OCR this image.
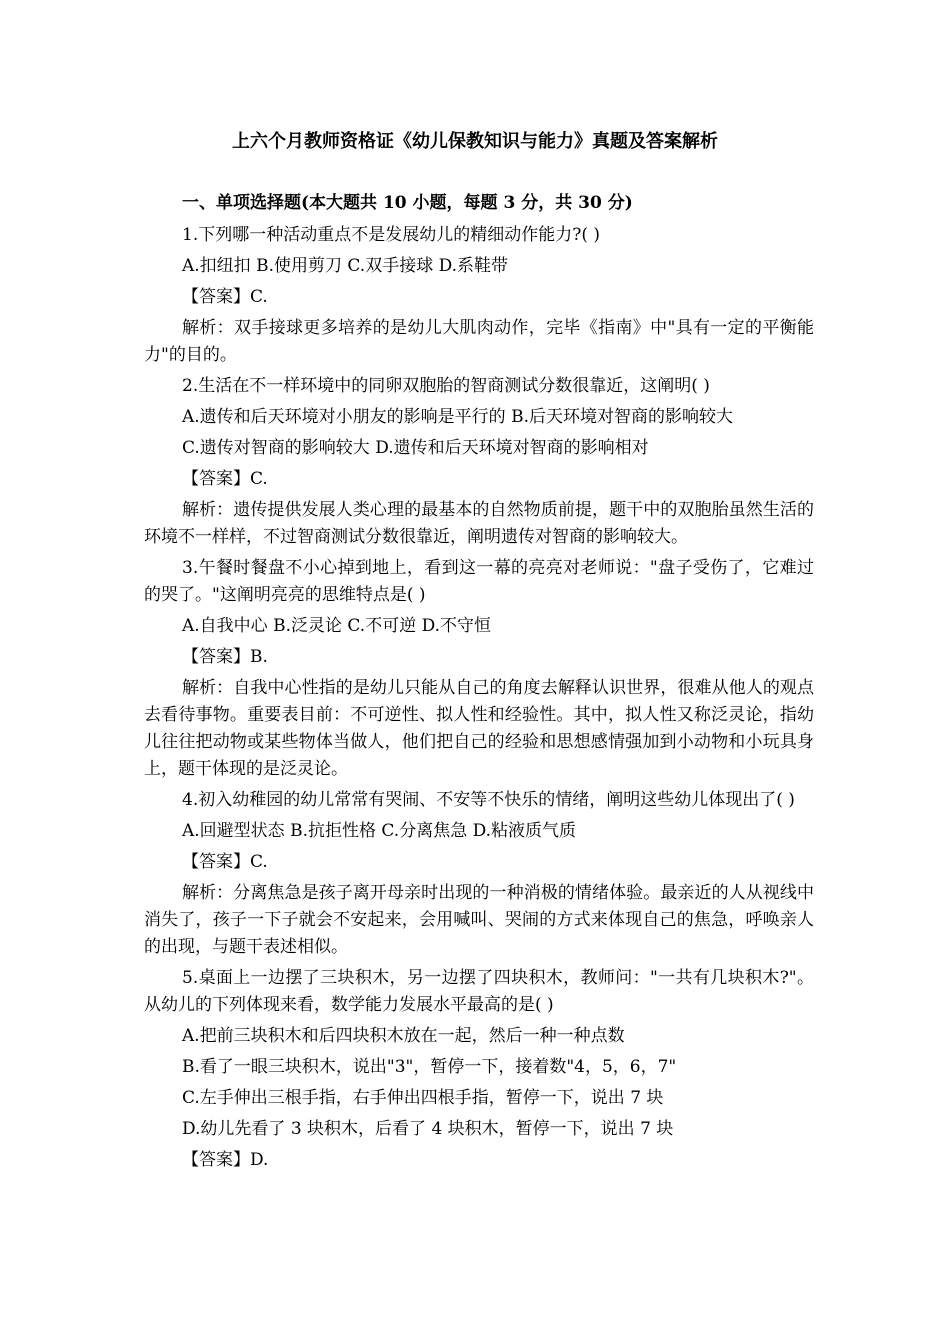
上六个月教师资格证《幼儿保教知识与能力》真题及答案解析

一、单项选择题(本大题共 10 小题，每题 3 分，共 30 分)

1.下列哪一种活动重点不是发展幼儿的精细动作能力?( )

A.扣纽扣 B.使用剪刀 C.双手接球 D.系鞋带

【答案】C.

解析：双手接球更多培养的是幼儿大肌肉动作，完毕《指南》中"具有一定的平衡能力"的目的。

2.生活在不一样环境中的同卵双胞胎的智商测试分数很靠近，这阐明( )

A.遗传和后天环境对小朋友的影响是平行的 B.后天环境对智商的影响较大

C.遗传对智商的影响较大 D.遗传和后天环境对智商的影响相对

【答案】C.

解析：遗传提供发展人类心理的最基本的自然物质前提，题干中的双胞胎虽然生活的环境不一样样，不过智商测试分数很靠近，阐明遗传对智商的影响较大。

3.午餐时餐盘不小心掉到地上，看到这一幕的亮亮对老师说："盘子受伤了，它难过的哭了。"这阐明亮亮的思维特点是( )

A.自我中心 B.泛灵论 C.不可逆 D.不守恒

【答案】B.

解析：自我中心性指的是幼儿只能从自己的角度去解释认识世界，很难从他人的观点去看待事物。重要表目前：不可逆性、拟人性和经验性。其中，拟人性又称泛灵论，指幼儿往往把动物或某些物体当做人，他们把自己的经验和思想感情强加到小动物和小玩具身上，题干体现的是泛灵论。

4.初入幼稚园的幼儿常常有哭闹、不安等不快乐的情绪，阐明这些幼儿体现出了( )

A.回避型状态 B.抗拒性格 C.分离焦急 D.粘液质气质

【答案】C.

解析：分离焦急是孩子离开母亲时出现的一种消极的情绪体验。最亲近的人从视线中消失了，孩子一下子就会不安起来，会用喊叫、哭闹的方式来体现自己的焦急，呼唤亲人的出现，与题干表述相似。

5.桌面上一边摆了三块积木，另一边摆了四块积木，教师问："一共有几块积木?"。从幼儿的下列体现来看，数学能力发展水平最高的是( )

A.把前三块积木和后四块积木放在一起，然后一种一种点数

B.看了一眼三块积木，说出"3"，暂停一下，接着数"4，5，6，7"

C.左手伸出三根手指，右手伸出四根手指，暂停一下，说出 7 块

D.幼儿先看了 3 块积木，后看了 4 块积木，暂停一下，说出 7 块

【答案】D.
